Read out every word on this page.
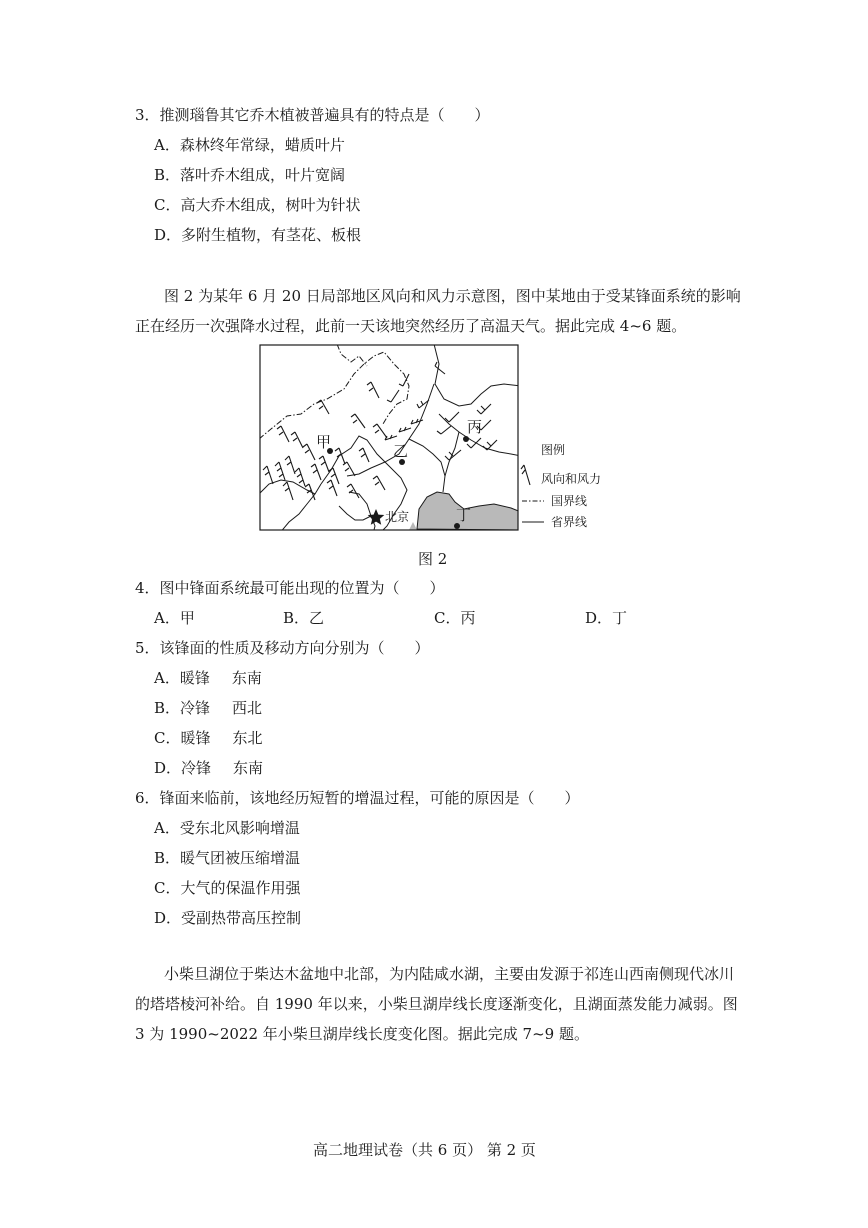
3．推测瑙鲁其它乔木植被普遍具有的特点是（　　）
A．森林终年常绿，蜡质叶片
B．落叶乔木组成，叶片宽阔
C．高大乔木组成，树叶为针状
D．多附生植物，有茎花、板根
图 2 为某年 6 月 20 日局部地区风向和风力示意图，图中某地由于受某锋面系统的影响
正在经历一次强降水过程，此前一天该地突然经历了高温天气。据此完成 4~6 题。
甲	乙
丙
丁
北京
图例
风向和风力
国界线
省界线
图 2
4．图中锋面系统最可能出现的位置为（　　）
A．甲	B．乙	C．丙	D．丁
5．该锋面的性质及移动方向分别为（　　）
A．暖锋 东南
B．冷锋 西北
C．暖锋 东北
D．冷锋 东南
6．锋面来临前，该地经历短暂的增温过程，可能的原因是（　　）
A．受东北风影响增温
B．暖气团被压缩增温
C．大气的保温作用强
D．受副热带高压控制
小柴旦湖位于柴达木盆地中北部，为内陆咸水湖，主要由发源于祁连山西南侧现代冰川
的塔塔棱河补给。自 1990 年以来，小柴旦湖岸线长度逐渐变化，且湖面蒸发能力减弱。图
3 为 1990~2022 年小柴旦湖岸线长度变化图。据此完成 7~9 题。
高二地理试卷（共 6 页） 第 2 页
